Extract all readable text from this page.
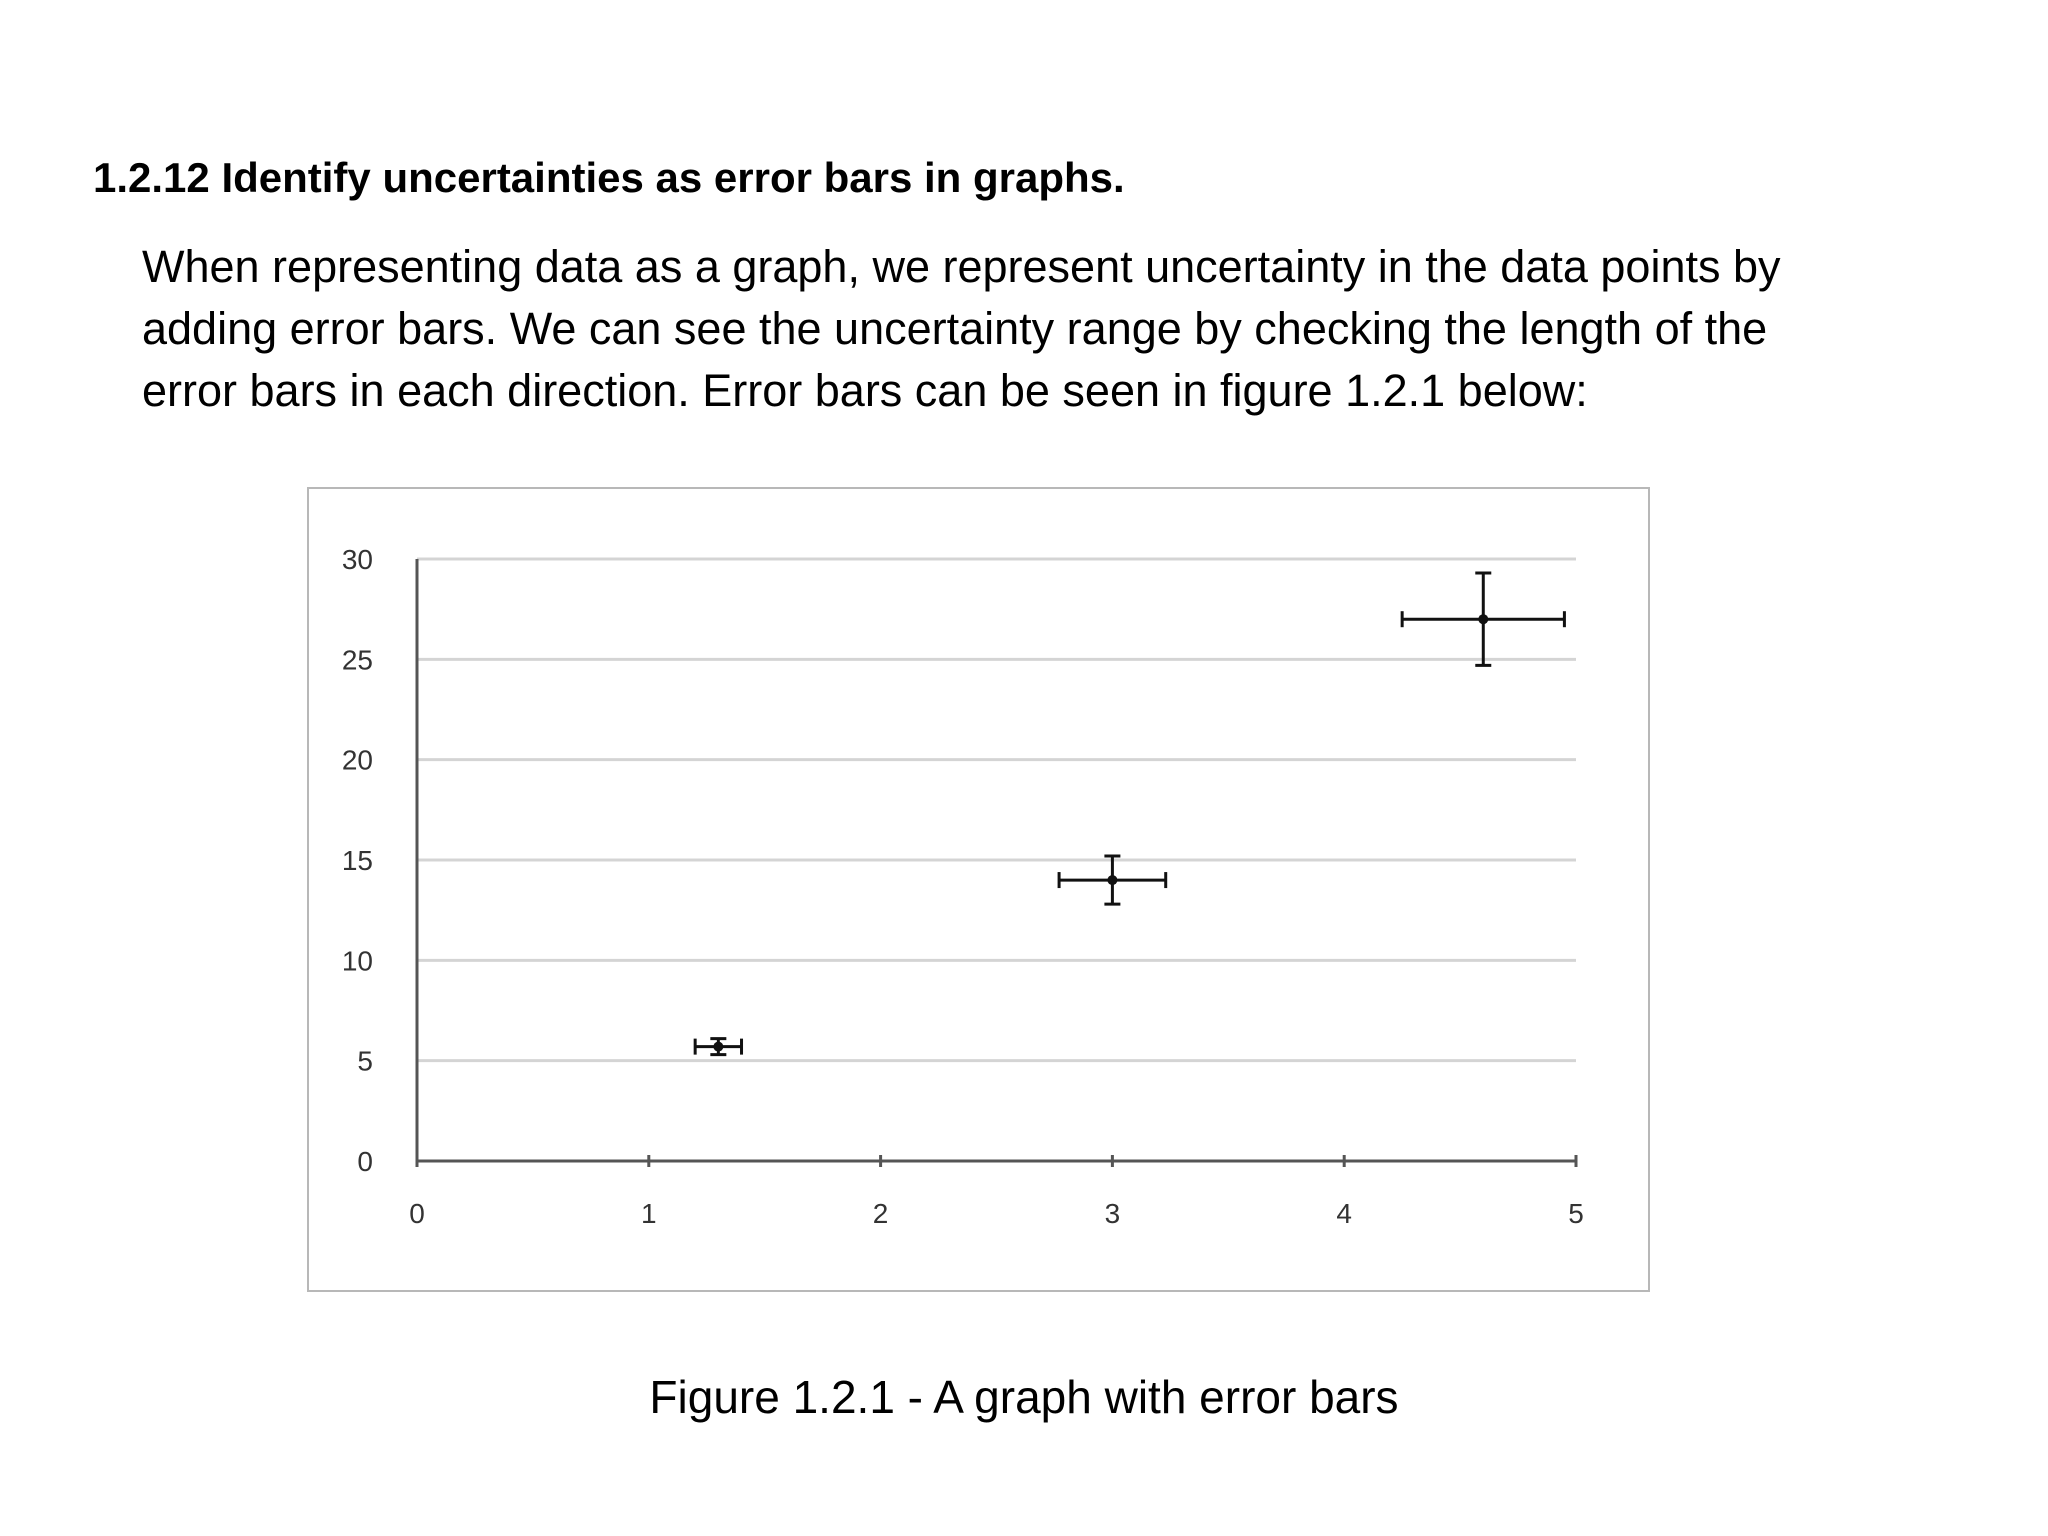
1.2.12 Identify uncertainties as error bars in graphs.
When representing data as a graph, we represent uncertainty in the data points by
adding error bars. We can see the uncertainty range by checking the length of the
error bars in each direction. Error bars can be seen in figure 1.2.1 below:
0
5
10
15
20
25
30
0	1	2	3	4	5
Figure 1.2.1 - A graph with error bars
